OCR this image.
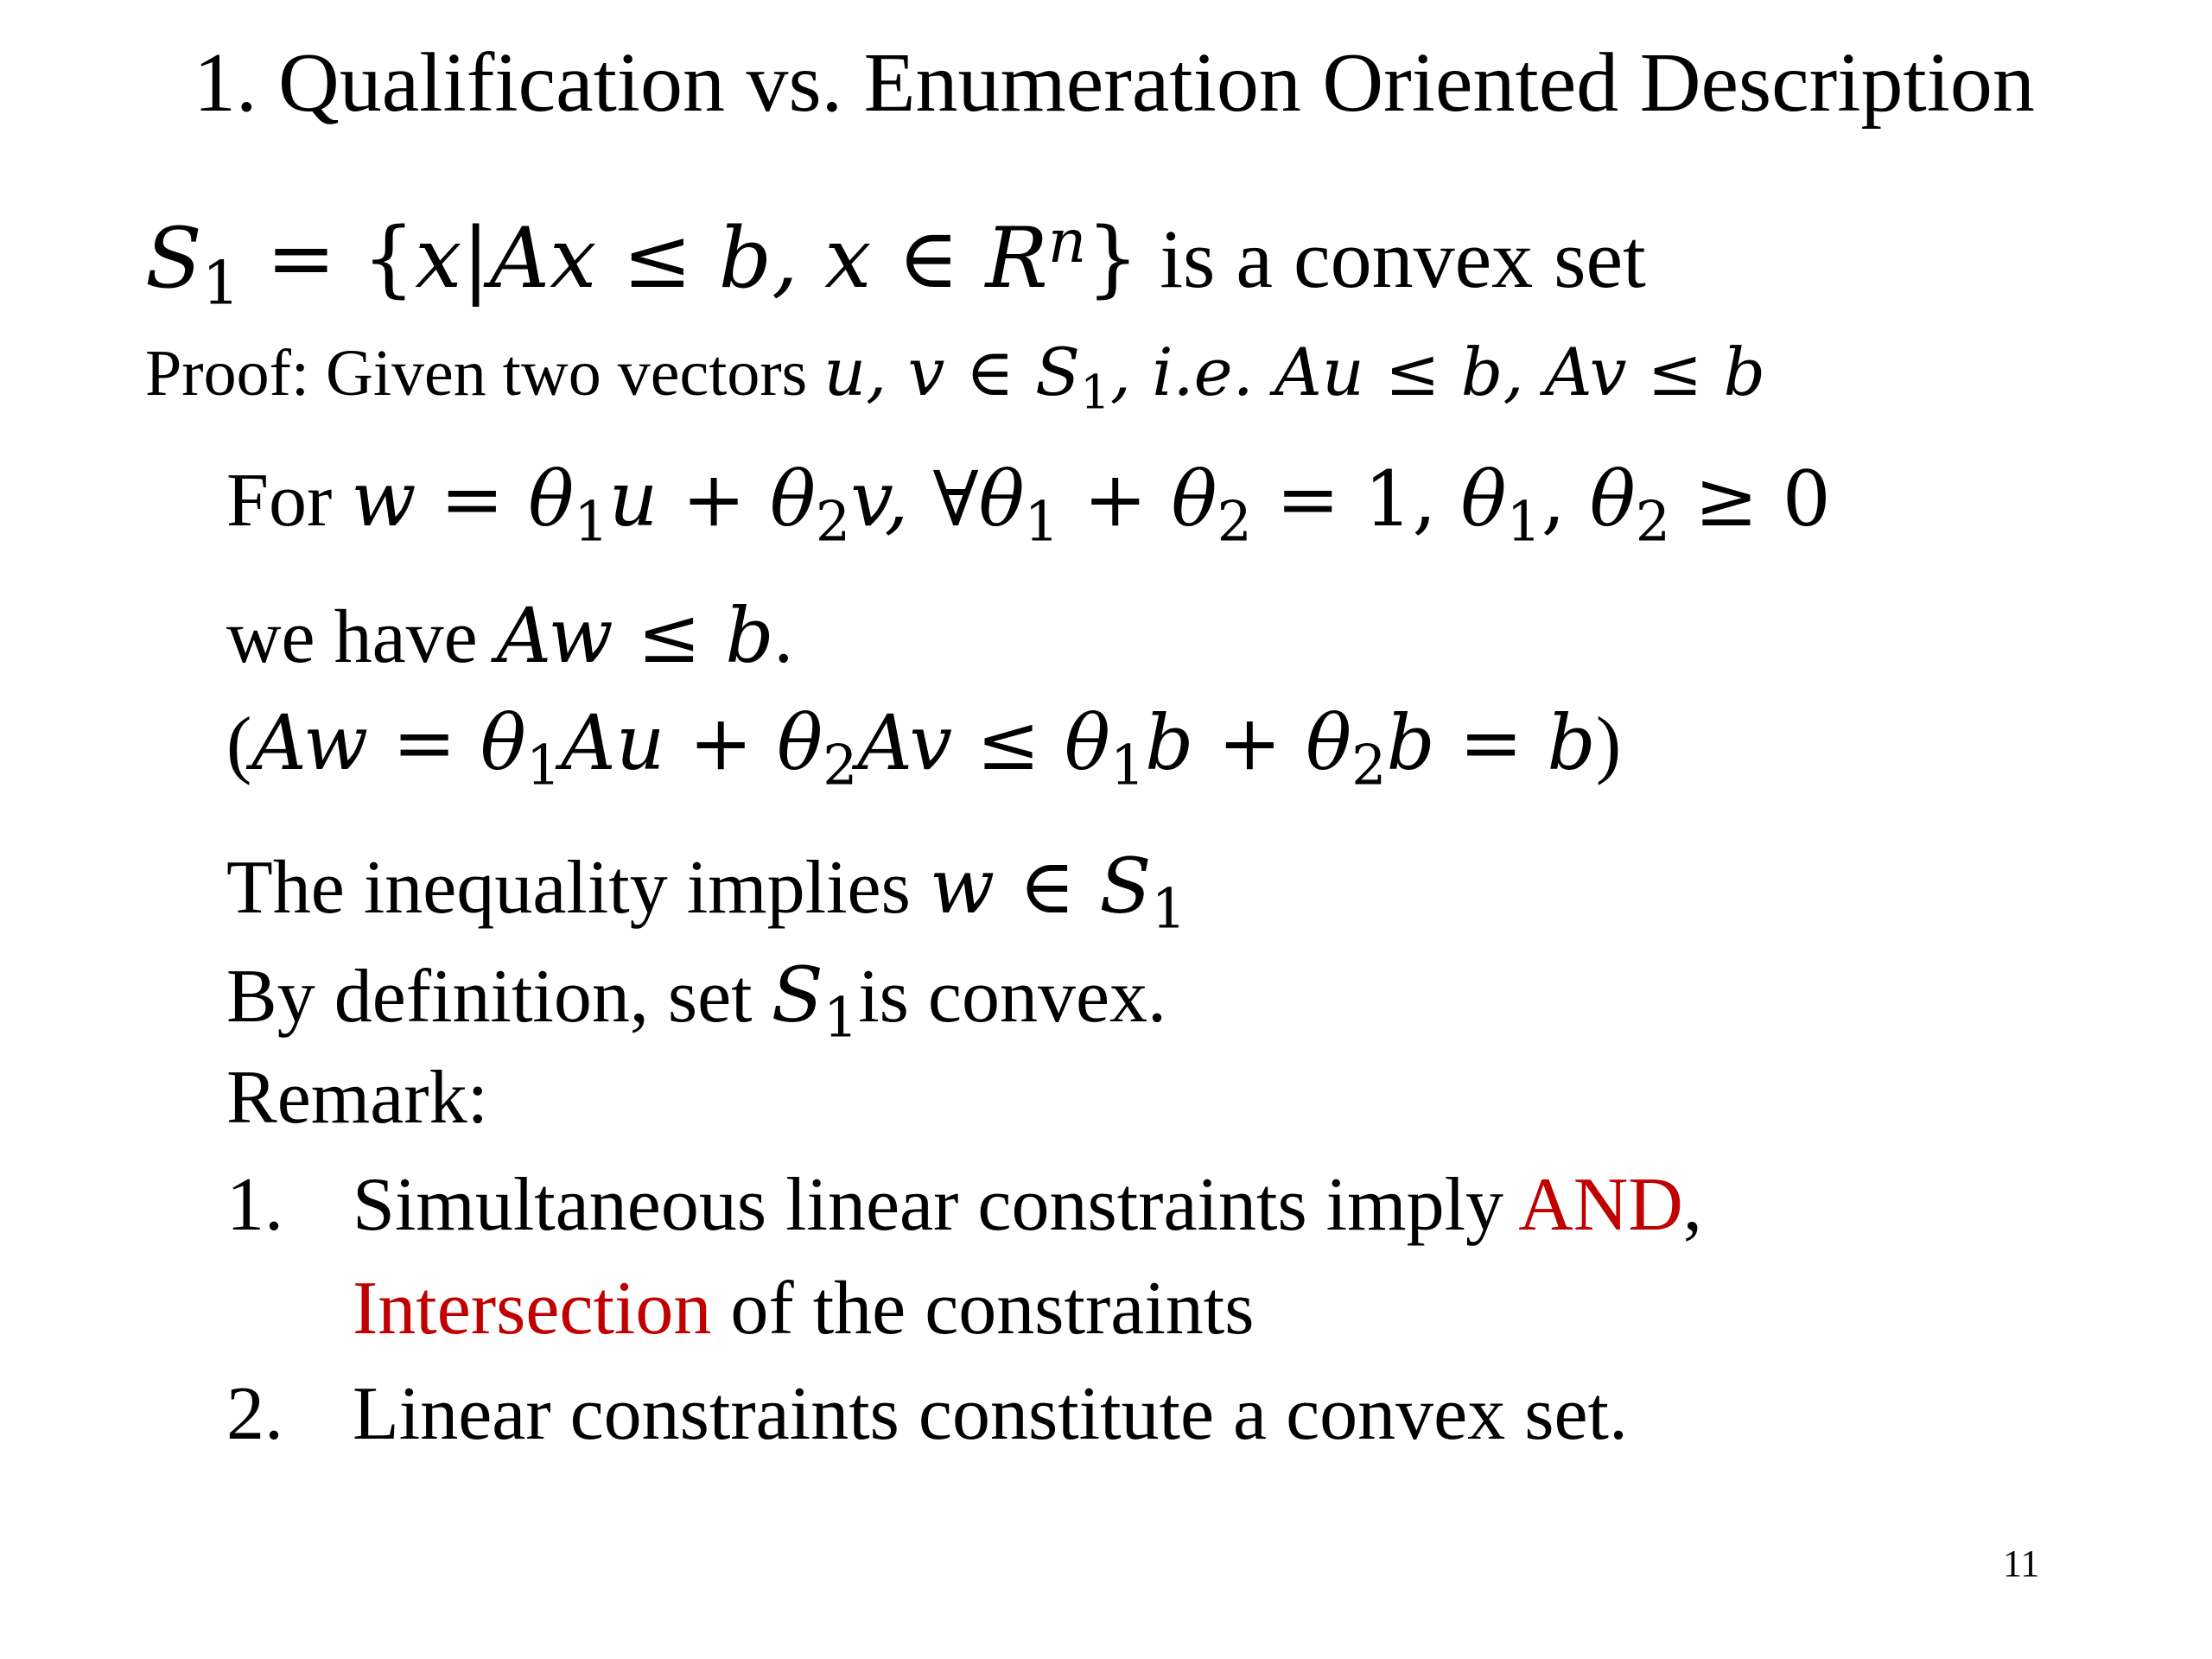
1. Qualification vs. Enumeration Oriented Description
$S_1 = \{x|Ax \le b$, x ∈ $R^n$} is a convex set
Proof: Given two vectors u, v ∈ $S_1$, i.e. Au ≤ b, Av ≤ b
For $w = \theta_1u + \theta_2v$, $\forall\theta_1 + \theta_2 = 1$, $\theta_1$, $\theta_2 \ge 0$
we have Aw ≤ b.
$(Aw = \theta_1Au + \theta_2Av \le \theta_1b + \theta_2b = b)$
The inequality implies w ∈ $S_1$
By definition, set $S_1is$ convex.
Remark:
1. Simultaneous linear constraints imply AND,
Intersection of the constraints
2. Linear constraints constitute a convex set.
11
